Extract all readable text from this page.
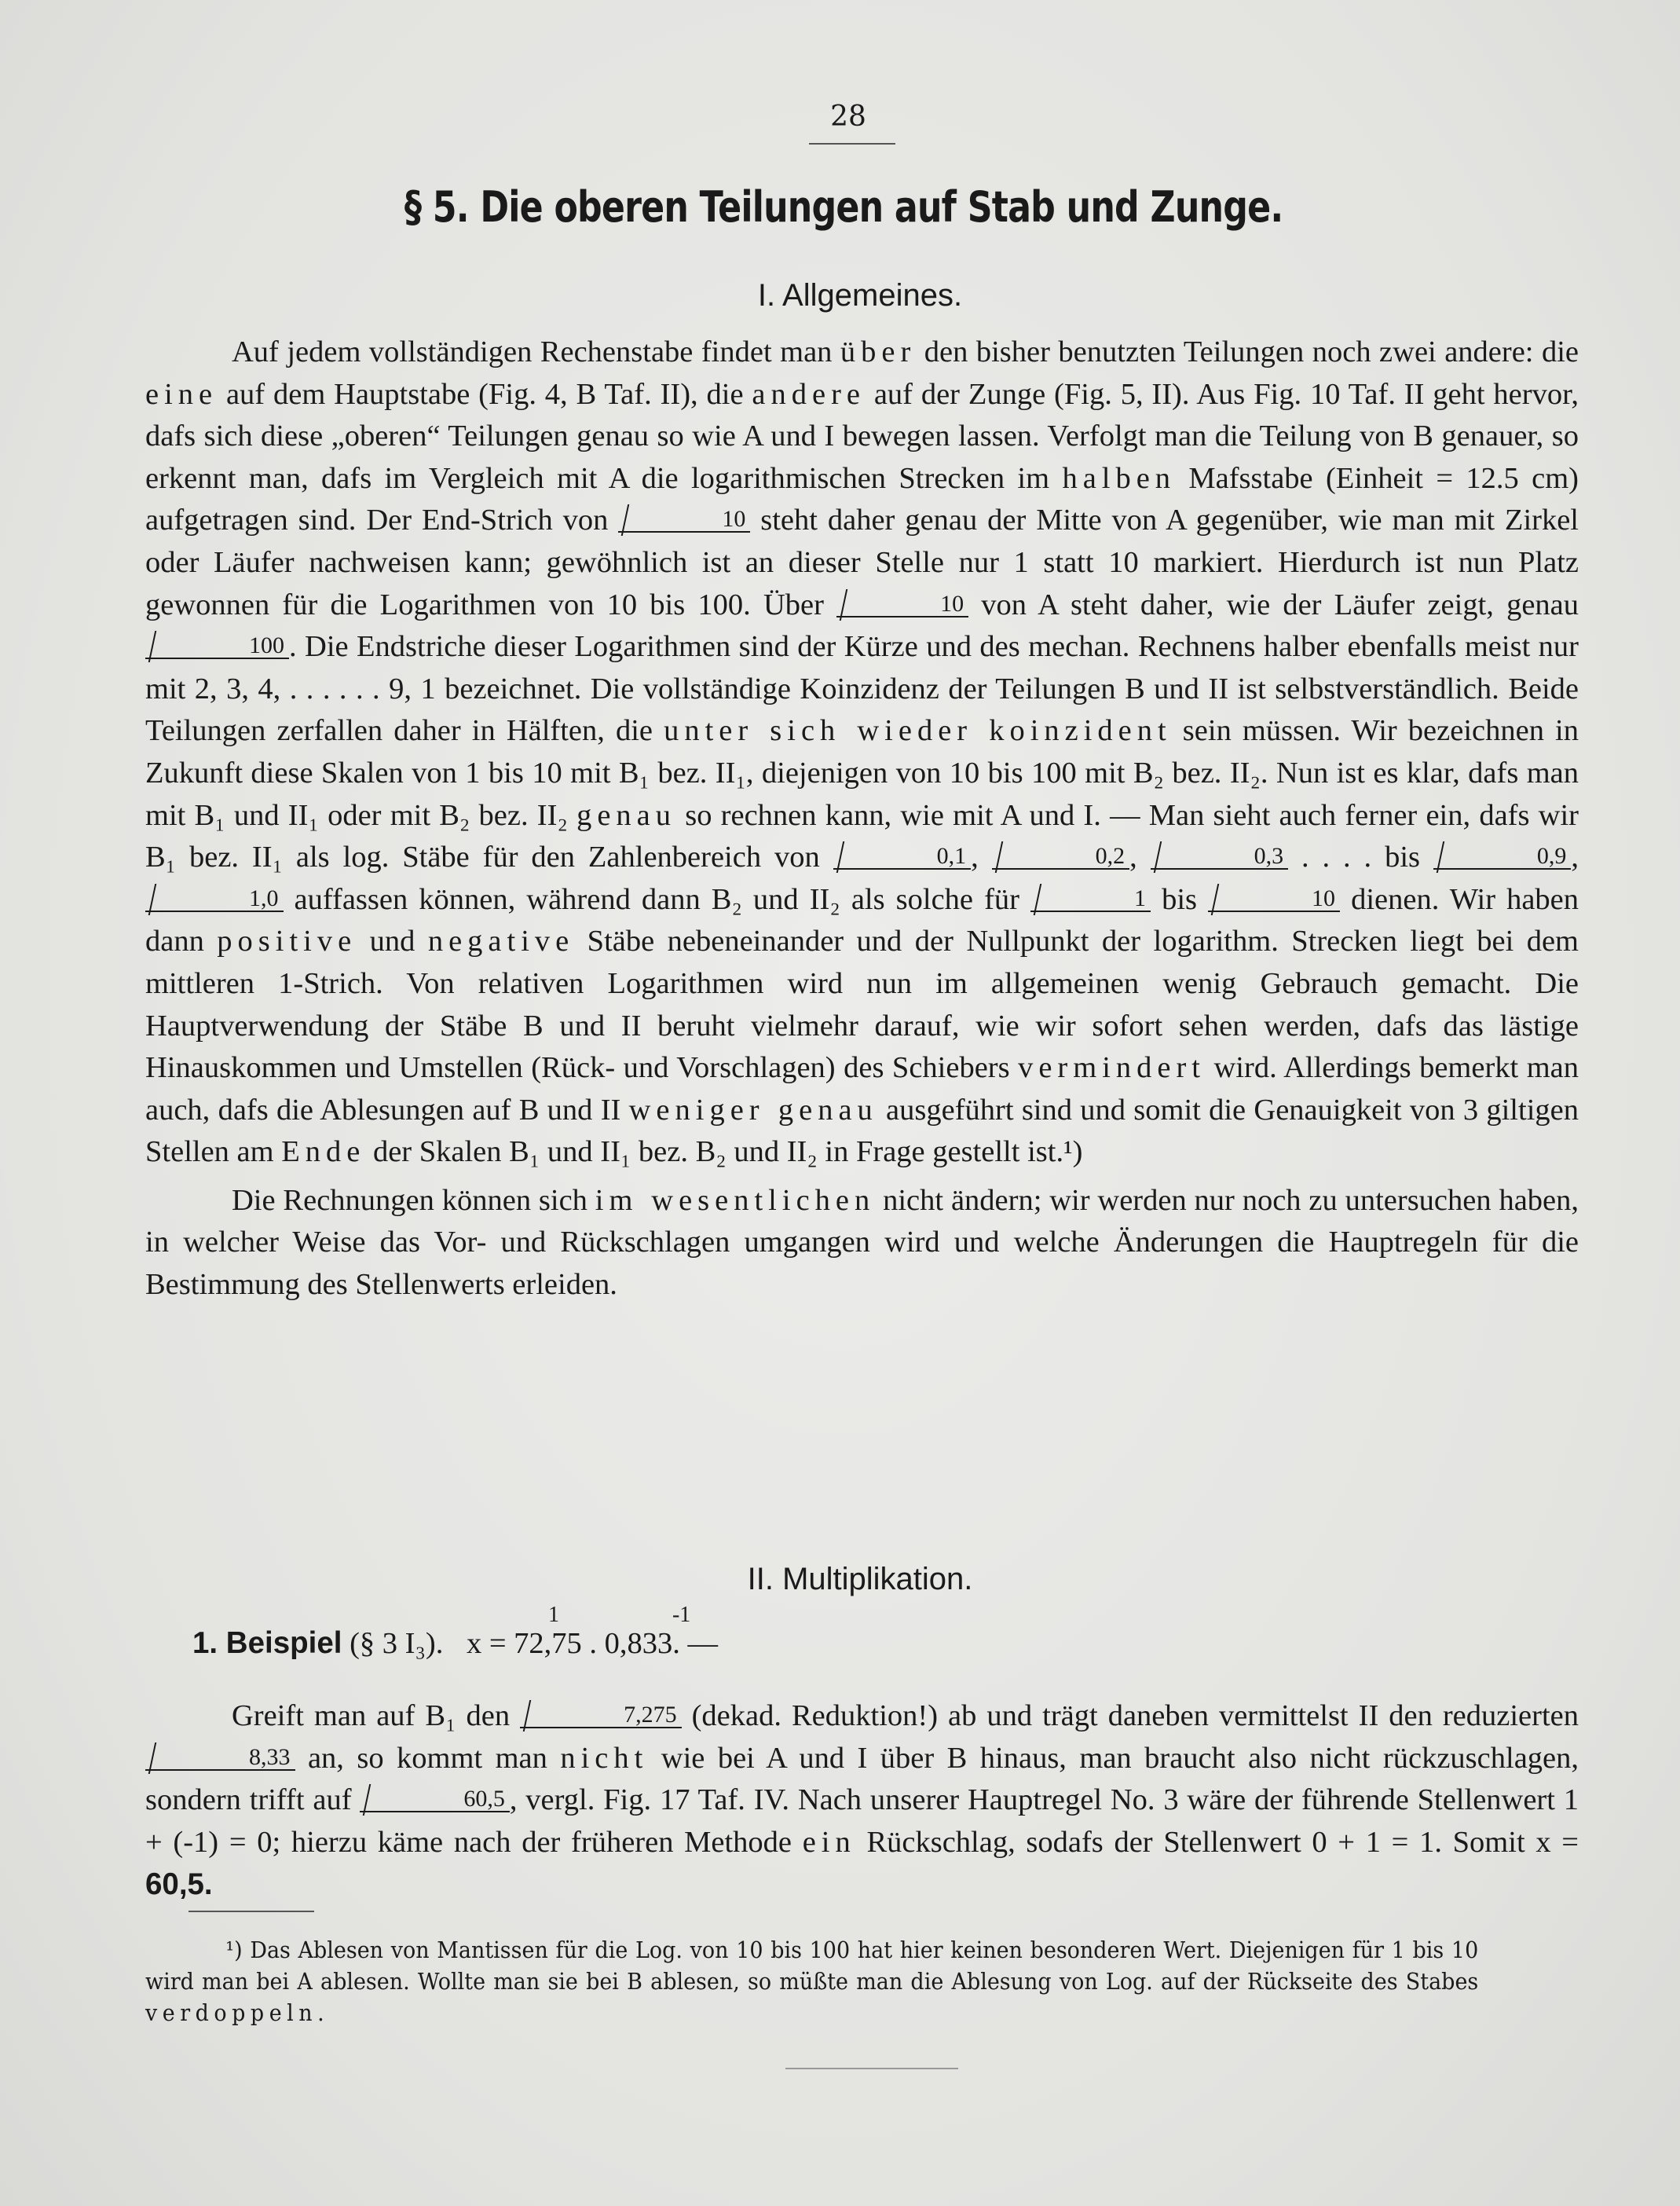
28
§ 5. Die oberen Teilungen auf Stab und Zunge.
I. Allgemeines.

Auf jedem vollständigen Rechenstabe findet man über den bisher benutzten Teilungen noch zwei andere: die eine auf dem Hauptstabe (Fig. 4, B Taf. II), die andere auf der Zunge (Fig. 5, II). Aus Fig. 10 Taf. II geht hervor, dafs sich diese „oberen“ Teilungen genau so wie A und I bewegen lassen. Verfolgt man die Teilung von B genauer, so erkennt man, dafs im Vergleich mit A die logarithmischen Strecken im halben Mafsstabe (Einheit = 12.5 cm) aufgetragen sind. Der End-Strich von	10 steht daher genau der Mitte von A gegenüber, wie man mit Zirkel oder Läufer nachweisen kann; gewöhnlich ist an dieser Stelle nur 1 statt 10 markiert. Hierdurch ist nun Platz gewonnen für die Logarithmen von 10 bis 100. Über	10 von A steht daher, wie der Läufer zeigt, genau 100 . Die Endstriche dieser Logarithmen sind der Kürze und des mechan. Rechnens halber ebenfalls meist nur mit 2, 3, 4, . . . . . . 9, 1 bezeichnet. Die vollständige Koinzidenz der Teilungen B und II ist selbstverständlich. Beide Teilungen zerfallen daher in Hälften, die unter sich wieder koinzident sein müssen. Wir bezeichnen in Zukunft diese Skalen von 1 bis 10 mit B₁ bez. II₁, diejenigen von 10 bis 100 mit B₂ bez. II₂. Nun ist es klar, dafs man mit B₁ und II₁ oder mit B₂ bez. II₂ genau so rechnen kann, wie mit A und I. — Man sieht auch ferner ein, dafs wir B₁ bez. II₁ als log. Stäbe für den Zahlenbereich von	0,1 ,	0,2 ,	0,3 . . . . bis	0,9 , 1,0 auffassen können, während dann B₂ und II₂ als solche für	1 bis	10 dienen. Wir haben dann positive und negative Stäbe nebeneinander und der Nullpunkt der logarithm. Strecken liegt bei dem mittleren 1-Strich. Von relativen Logarithmen wird nun im allgemeinen wenig Gebrauch gemacht. Die Hauptverwendung der Stäbe B und II beruht vielmehr darauf, wie wir sofort sehen werden, dafs das lästige Hinauskommen und Umstellen (Rück- und Vorschlagen) des Schiebers vermindert wird. Allerdings bemerkt man auch, dafs die Ablesungen auf B und II weniger genau ausgeführt sind und somit die Genauigkeit von 3 giltigen Stellen am Ende der Skalen B₁ und II₁ bez. B₂ und II₂ in Frage gestellt ist.¹)

Die Rechnungen können sich im wesentlichen nicht ändern; wir werden nur noch zu untersuchen haben, in welcher Weise das Vor- und Rückschlagen umgangen wird und welche Änderungen die Hauptregeln für die Bestimmung des Stellenwerts erleiden.

II. Multiplikation.
1. Beispiel (§ 3 I₃).
1	-1
x = 72,75 . 0,833. —

Greift man auf B₁ den	7,275 (dekad. Reduktion!) ab und trägt daneben vermittelst II den reduzierten 8,33 an, so kommt man nicht wie bei A und I über B hinaus, man braucht also nicht rückzuschlagen, sondern trifft auf	60,5 , vergl. Fig. 17 Taf. IV. Nach unserer Hauptregel No. 3 wäre der führende Stellenwert 1 + (-1) = 0; hierzu käme nach der früheren Methode ein Rückschlag, sodafs der Stellenwert 0 + 1 = 1. Somit x = 60,5.

¹) Das Ablesen von Mantissen für die Log. von 10 bis 100 hat hier keinen besonderen Wert. Diejenigen für 1 bis 10 wird man bei A ablesen. Wollte man sie bei B ablesen, so müßte man die Ablesung von Log. auf der Rückseite des Stabes verdoppeln.
